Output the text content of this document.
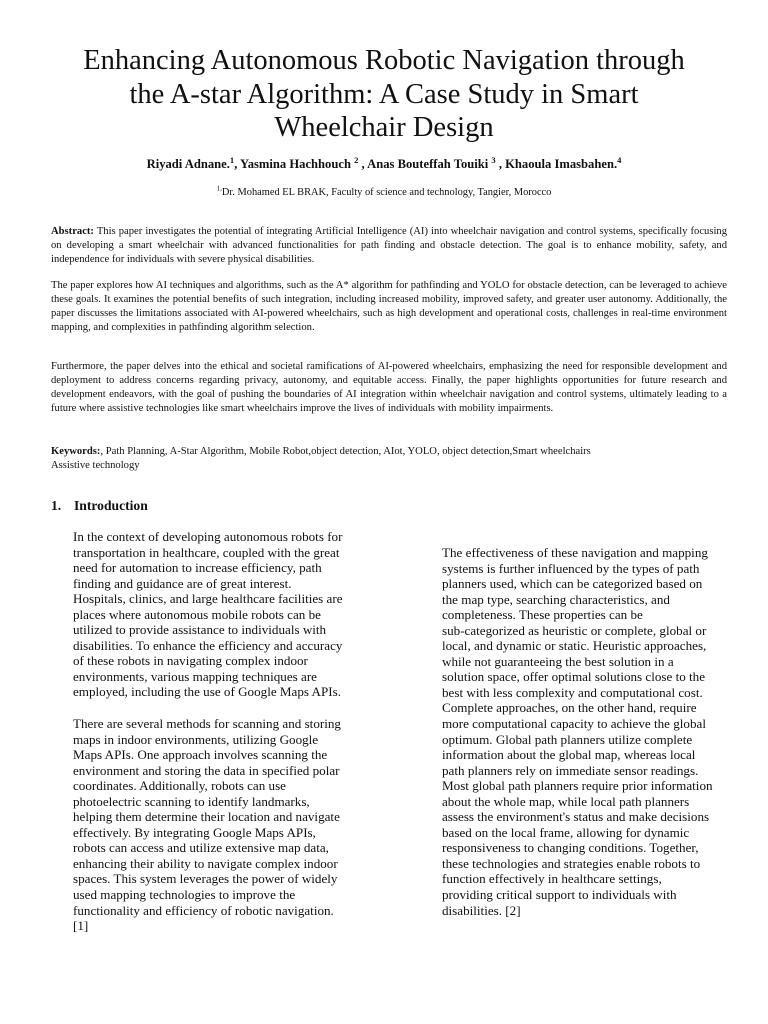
Enhancing Autonomous Robotic Navigation through
the A-star Algorithm: A Case Study in Smart
Wheelchair Design
Riyadi Adnane.$^1$, Yasmina Hachhouch $^2$ , Anas Bouteffah Touiki $^3$ , Khaoula Imasbahen.$^4$
$^{1,}$Dr. Mohamed EL BRAK, Faculty of science and technology, Tangier, Morocco

Abstract: This paper investigates the potential of integrating Artificial Intelligence (AI) into wheelchair navigation and control systems, specifically focusing on developing a smart wheelchair with advanced functionalities for path finding and obstacle detection. The goal is to enhance mobility, safety, and independence for individuals with severe physical disabilities.

The paper explores how AI techniques and algorithms, such as the A* algorithm for pathfinding and YOLO for obstacle detection, can be leveraged to achieve these goals. It examines the potential benefits of such integration, including increased mobility, improved safety, and greater user autonomy. Additionally, the paper discusses the limitations associated with AI-powered wheelchairs, such as high development and operational costs, challenges in real-time environment mapping, and complexities in pathfinding algorithm selection.

Furthermore, the paper delves into the ethical and societal ramifications of AI-powered wheelchairs, emphasizing the need for responsible development and deployment to address concerns regarding privacy, autonomy, and equitable access. Finally, the paper highlights opportunities for future research and development endeavors, with the goal of pushing the boundaries of AI integration within wheelchair navigation and control systems, ultimately leading to a future where assistive technologies like smart wheelchairs improve the lives of individuals with mobility impairments.

Keywords:, Path Planning, A-Star Algorithm, Mobile Robot,object detection, AIot, YOLO, object detection,Smart wheelchairs
Assistive technology
1. Introduction

In the context of developing autonomous robots for
transportation in healthcare, coupled with the great
need for automation to increase efficiency, path
finding and guidance are of great interest.
Hospitals, clinics, and large healthcare facilities are
places where autonomous mobile robots can be
utilized to provide assistance to individuals with
disabilities. To enhance the efficiency and accuracy
of these robots in navigating complex indoor
environments, various mapping techniques are
employed, including the use of Google Maps APIs.

There are several methods for scanning and storing
maps in indoor environments, utilizing Google
Maps APIs. One approach involves scanning the
environment and storing the data in specified polar
coordinates. Additionally, robots can use
photoelectric scanning to identify landmarks,
helping them determine their location and navigate
effectively. By integrating Google Maps APIs,
robots can access and utilize extensive map data,
enhancing their ability to navigate complex indoor
spaces. This system leverages the power of widely
used mapping technologies to improve the
functionality and efficiency of robotic navigation.
[1]

The effectiveness of these navigation and mapping
systems is further influenced by the types of path
planners used, which can be categorized based on
the map type, searching characteristics, and
completeness. These properties can be
sub-categorized as heuristic or complete, global or
local, and dynamic or static. Heuristic approaches,
while not guaranteeing the best solution in a
solution space, offer optimal solutions close to the
best with less complexity and computational cost.
Complete approaches, on the other hand, require
more computational capacity to achieve the global
optimum. Global path planners utilize complete
information about the global map, whereas local
path planners rely on immediate sensor readings.
Most global path planners require prior information
about the whole map, while local path planners
assess the environment's status and make decisions
based on the local frame, allowing for dynamic
responsiveness to changing conditions. Together,
these technologies and strategies enable robots to
function effectively in healthcare settings,
providing critical support to individuals with
disabilities. [2]
